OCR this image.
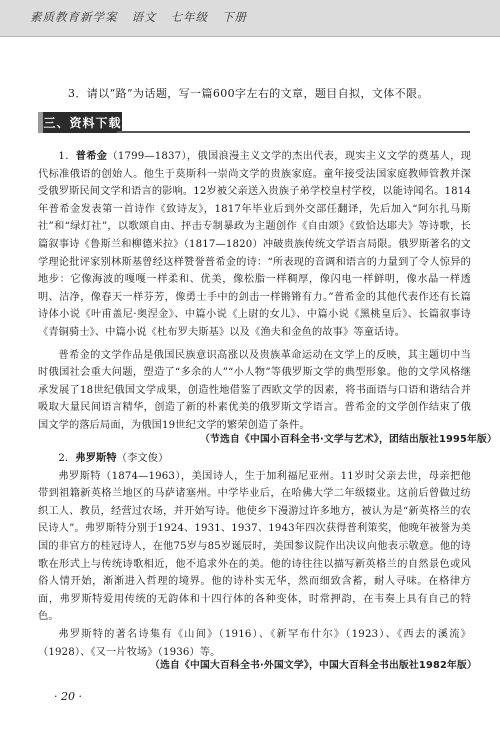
素质教育新学案 语文 七年级 下册
3．请以“路”为话题，写一篇600字左右的文章，题目自拟，文体不限。
三、资料下载

1．普希金（1799—1837），俄国浪漫主义文学的杰出代表，现实主义文学的奠基人，现代标准俄语的创始人。他生于莫斯科一崇尚文学的贵族家庭。童年接受法国家庭教师管教并深受俄罗斯民间文学和语言的影响。12岁被父亲送入贵族子弟学校皇村学校，以能诗闻名。1814年普希金发表第一首诗作《致诗友》，1817年毕业后到外交部任翻译，先后加入“阿尔扎马斯社”和“绿灯社”，以歌颂自由、抨击专制暴政为主题创作《自由颂》《致恰达耶夫》等诗歌，长篇叙事诗《鲁斯兰和柳德米拉》（1817—1820）冲破贵族传统文学语言局限。俄罗斯著名的文学理论批评家别林斯基曾经这样赞誉普希金的诗：“所表现的音调和语言的力量到了令人惊异的地步：它像海波的嘎嘎一样柔和、优美，像松脂一样稠厚，像闪电一样鲜明，像水晶一样透明、洁净，像春天一样芬芳，像勇士手中的剑击一样锵锵有力。”普希金的其他代表作还有长篇诗体小说《叶甫盖尼·奥涅金》、中篇小说《上尉的女儿》、中篇小说《黑桃皇后》、长篇叙事诗《青铜骑士》、中篇小说《杜布罗夫斯基》以及《渔夫和金鱼的故事》等童话诗。

普希金的文学作品是俄国民族意识高涨以及贵族革命运动在文学上的反映，其主题切中当时俄国社会重大问题，塑造了“多余的人”“小人物”等俄罗斯文学的典型形象。他的文学风格继承发展了18世纪俄国文学成果，创造性地借鉴了西欧文学的因素，将书面语与口语和谐结合并吸取大量民间语言精华，创造了新的朴素优美的俄罗斯文学语言。普希金的文学创作结束了俄国文学的落后局面，为俄国19世纪文学的繁荣创造了条件。

（节选自《中国小百科全书·文学与艺术》，团结出版社1995年版）

2．弗罗斯特（李文俊）

弗罗斯特（1874—1963），美国诗人，生于加利福尼亚州。11岁时父亲去世，母亲把他带到祖籍新英格兰地区的马萨诸塞州。中学毕业后，在哈佛大学二年级辍业。这前后曾做过纺织工人、教员，经营过农场，并开始写诗。他使乡下漫游过许多地方，被认为是“新英格兰的农民诗人”。弗罗斯特分别于1924、1931、1937、1943年四次获得普利策奖，他晚年被誉为美国的非官方的桂冠诗人，在他75岁与85岁诞辰时，美国参议院作出决议向他表示敬意。他的诗歌在形式上与传统诗歌相近，他不追求外在的美。他的诗往往以描写新英格兰的自然景色或风俗人情开始，渐渐进入哲理的境界。他的诗朴实无华，然而细致含蓄，耐人寻味。在格律方面，弗罗斯特爱用传统的无韵体和十四行体的各种变体，时常押韵，在韦奏上具有自己的特色。

弗罗斯特的著名诗集有《山间》（1916）、《新罕布什尔》（1923）、《西去的溪流》（1928）、《又一片牧场》（1936）等。

（选自《中国大百科全书·外国文学》，中国大百科全书出版社1982年版）
· 20 ·
